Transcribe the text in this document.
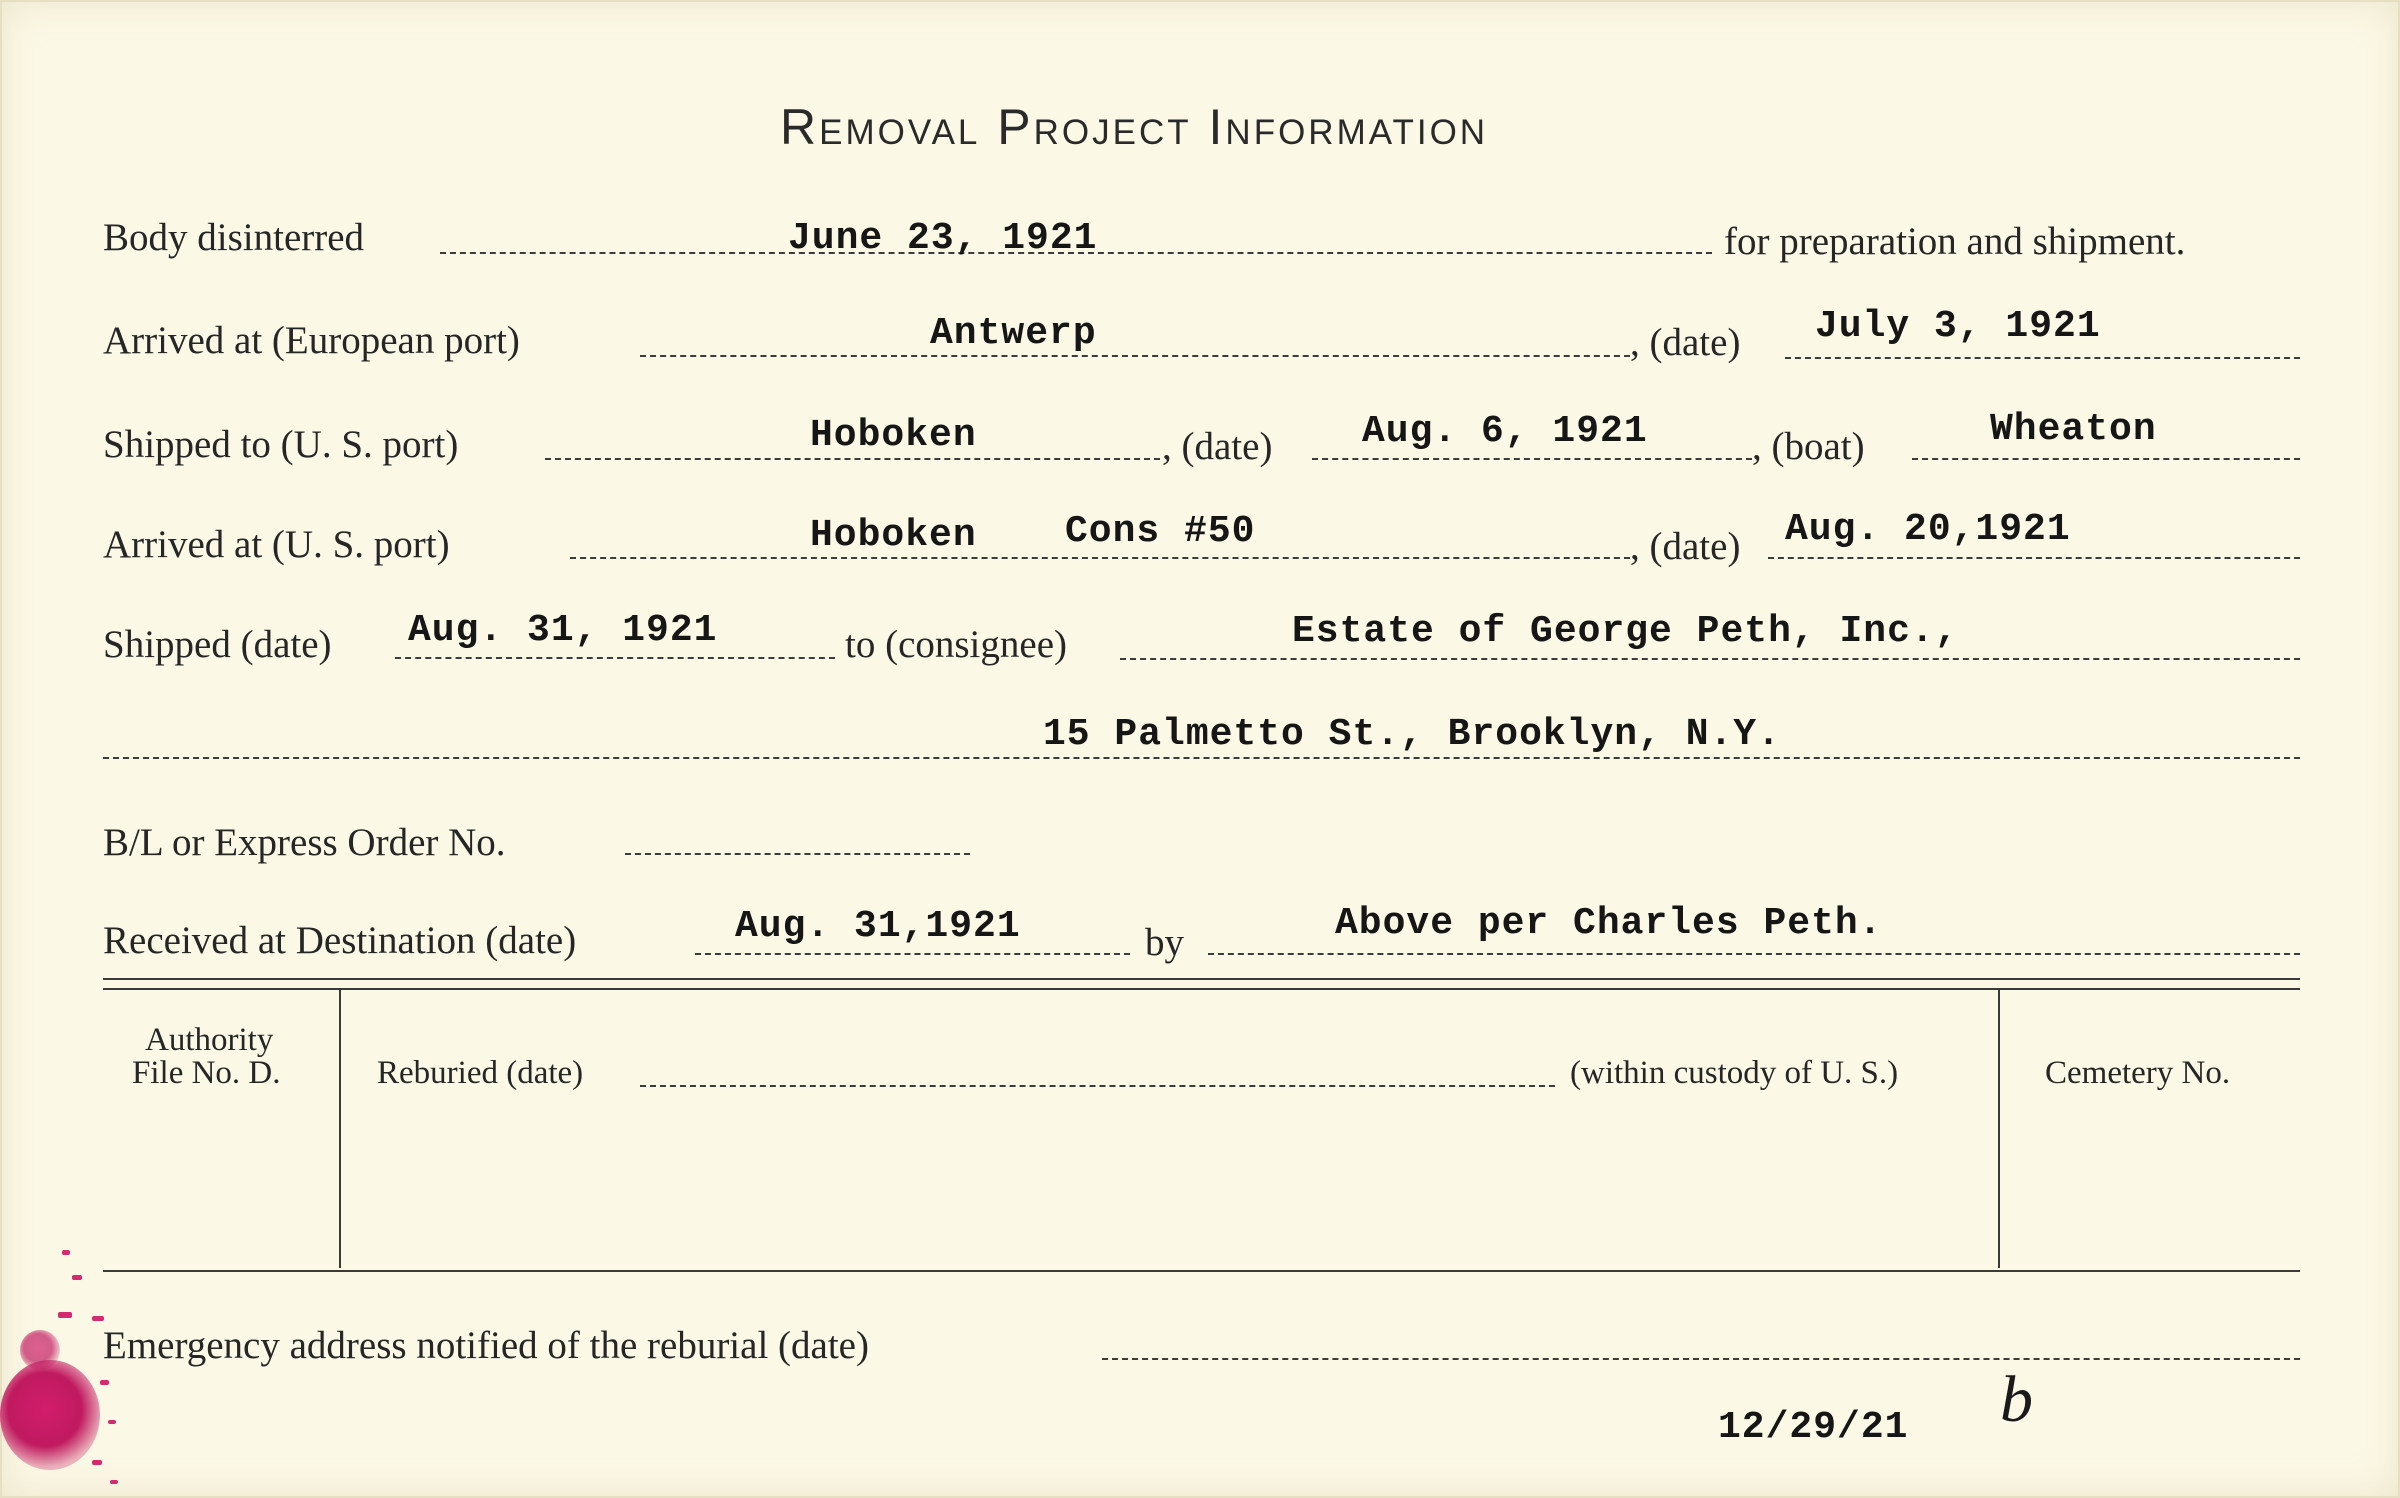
Removal Project Information
Body disinterred	June 23, 1921	for preparation and shipment.
Arrived at (European port)	Antwerp	, (date) July 3, 1921
Shipped to (U. S. port)	Hoboken	, (date) Aug. 6, 1921	, (boat)	Wheaton
Arrived at (U. S. port)	Hoboken Cons #50	, (date) Aug. 20,1921
Shipped (date) Aug. 31, 1921	to (consignee)	Estate of George Peth, Inc.,
15 Palmetto St., Brooklyn, N.Y.
B/L or Express Order No.
Received at Destination (date)	Aug. 31,1921	by	Above per Charles Peth.
Authority
File No. D.	Reburied (date)	(within custody of U. S.)	Cemetery No.
Emergency address notified of the reburial (date)
12/29/21 b
